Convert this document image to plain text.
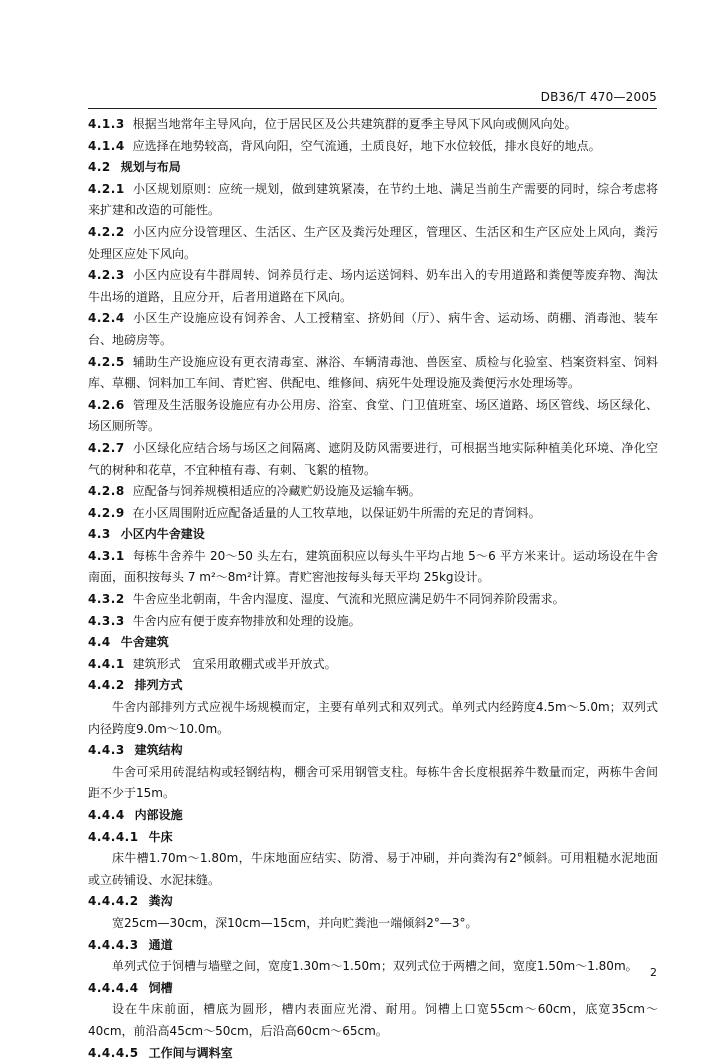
DB36/T 470—2005

4.1.3 根据当地常年主导风向，位于居民区及公共建筑群的夏季主导风下风向或侧风向处。

4.1.4 应选择在地势较高，背风向阳，空气流通，土质良好，地下水位较低，排水良好的地点。

4.2 规划与布局

4.2.1 小区规划原则：应统一规划，做到建筑紧凑，在节约土地、满足当前生产需要的同时，综合考虑将来扩建和改造的可能性。

4.2.2 小区内应分设管理区、生活区、生产区及粪污处理区，管理区、生活区和生产区应处上风向，粪污处理区应处下风向。

4.2.3 小区内应设有牛群周转、饲养员行走、场内运送饲料、奶车出入的专用道路和粪便等废弃物、淘汰牛出场的道路，且应分开，后者用道路在下风向。

4.2.4 小区生产设施应设有饲养舍、人工授精室、挤奶间（厅）、病牛舍、运动场、荫棚、消毒池、装车台、地磅房等。

4.2.5 辅助生产设施应设有更衣清毒室、淋浴、车辆清毒池、兽医室、质检与化验室、档案资料室、饲料库、草棚、饲料加工车间、青贮窖、供配电、维修间、病死牛处理设施及粪便污水处理场等。

4.2.6 管理及生活服务设施应有办公用房、浴室、食堂、门卫值班室、场区道路、场区管线、场区绿化、场区厕所等。

4.2.7 小区绿化应结合场与场区之间隔离、遮阴及防风需要进行，可根据当地实际种植美化环境、净化空气的树种和花草，不宜种植有毒、有刺、飞絮的植物。

4.2.8 应配备与饲养规模相适应的冷藏贮奶设施及运输车辆。

4.2.9 在小区周围附近应配备适量的人工牧草地，以保证奶牛所需的充足的青饲料。

4.3 小区内牛舍建设

4.3.1 每栋牛舍养牛 20～50 头左右，建筑面积应以每头牛平均占地 5～6 平方米来计。运动场设在牛舍南面，面积按每头 7 m²～8m²计算。青贮窖池按每头每天平均 25kg设计。

4.3.2 牛舍应坐北朝南，牛舍内湿度、湿度、气流和光照应满足奶牛不同饲养阶段需求。

4.3.3 牛舍内应有便于废弃物排放和处理的设施。

4.4 牛舍建筑

4.4.1 建筑形式　宜采用敢棚式或半开放式。

4.4.2 排列方式

牛舍内部排列方式应视牛场规模而定，主要有单列式和双列式。单列式内经跨度4.5m～5.0m；双列式内径跨度9.0m～10.0m。

4.4.3 建筑结构

牛舍可采用砖混结构或轻钢结构，棚舍可采用钢管支柱。每栋牛舍长度根据养牛数量而定，两栋牛舍间距不少于15m。

4.4.4 内部设施

4.4.4.1 牛床

床牛槽1.70m～1.80m，牛床地面应结实、防滑、易于冲刷，并向粪沟有2°倾斜。可用粗糙水泥地面或立砖铺设、水泥抹缝。

4.4.4.2 粪沟

宽25cm—30cm，深10cm—15cm，并向贮粪池一端倾斜2°—3°。

4.4.4.3 通道

单列式位于饲槽与墙壁之间，宽度1.30m～1.50m；双列式位于两槽之间，宽度1.50m～1.80m。

4.4.4.4 饲槽

设在牛床前面，槽底为圆形，槽内表面应光滑、耐用。饲槽上口宽55cm～60cm，底宽35cm～40cm，前沿高45cm～50cm，后沿高60cm～65cm。

4.4.4.5 工作间与调料室

2
